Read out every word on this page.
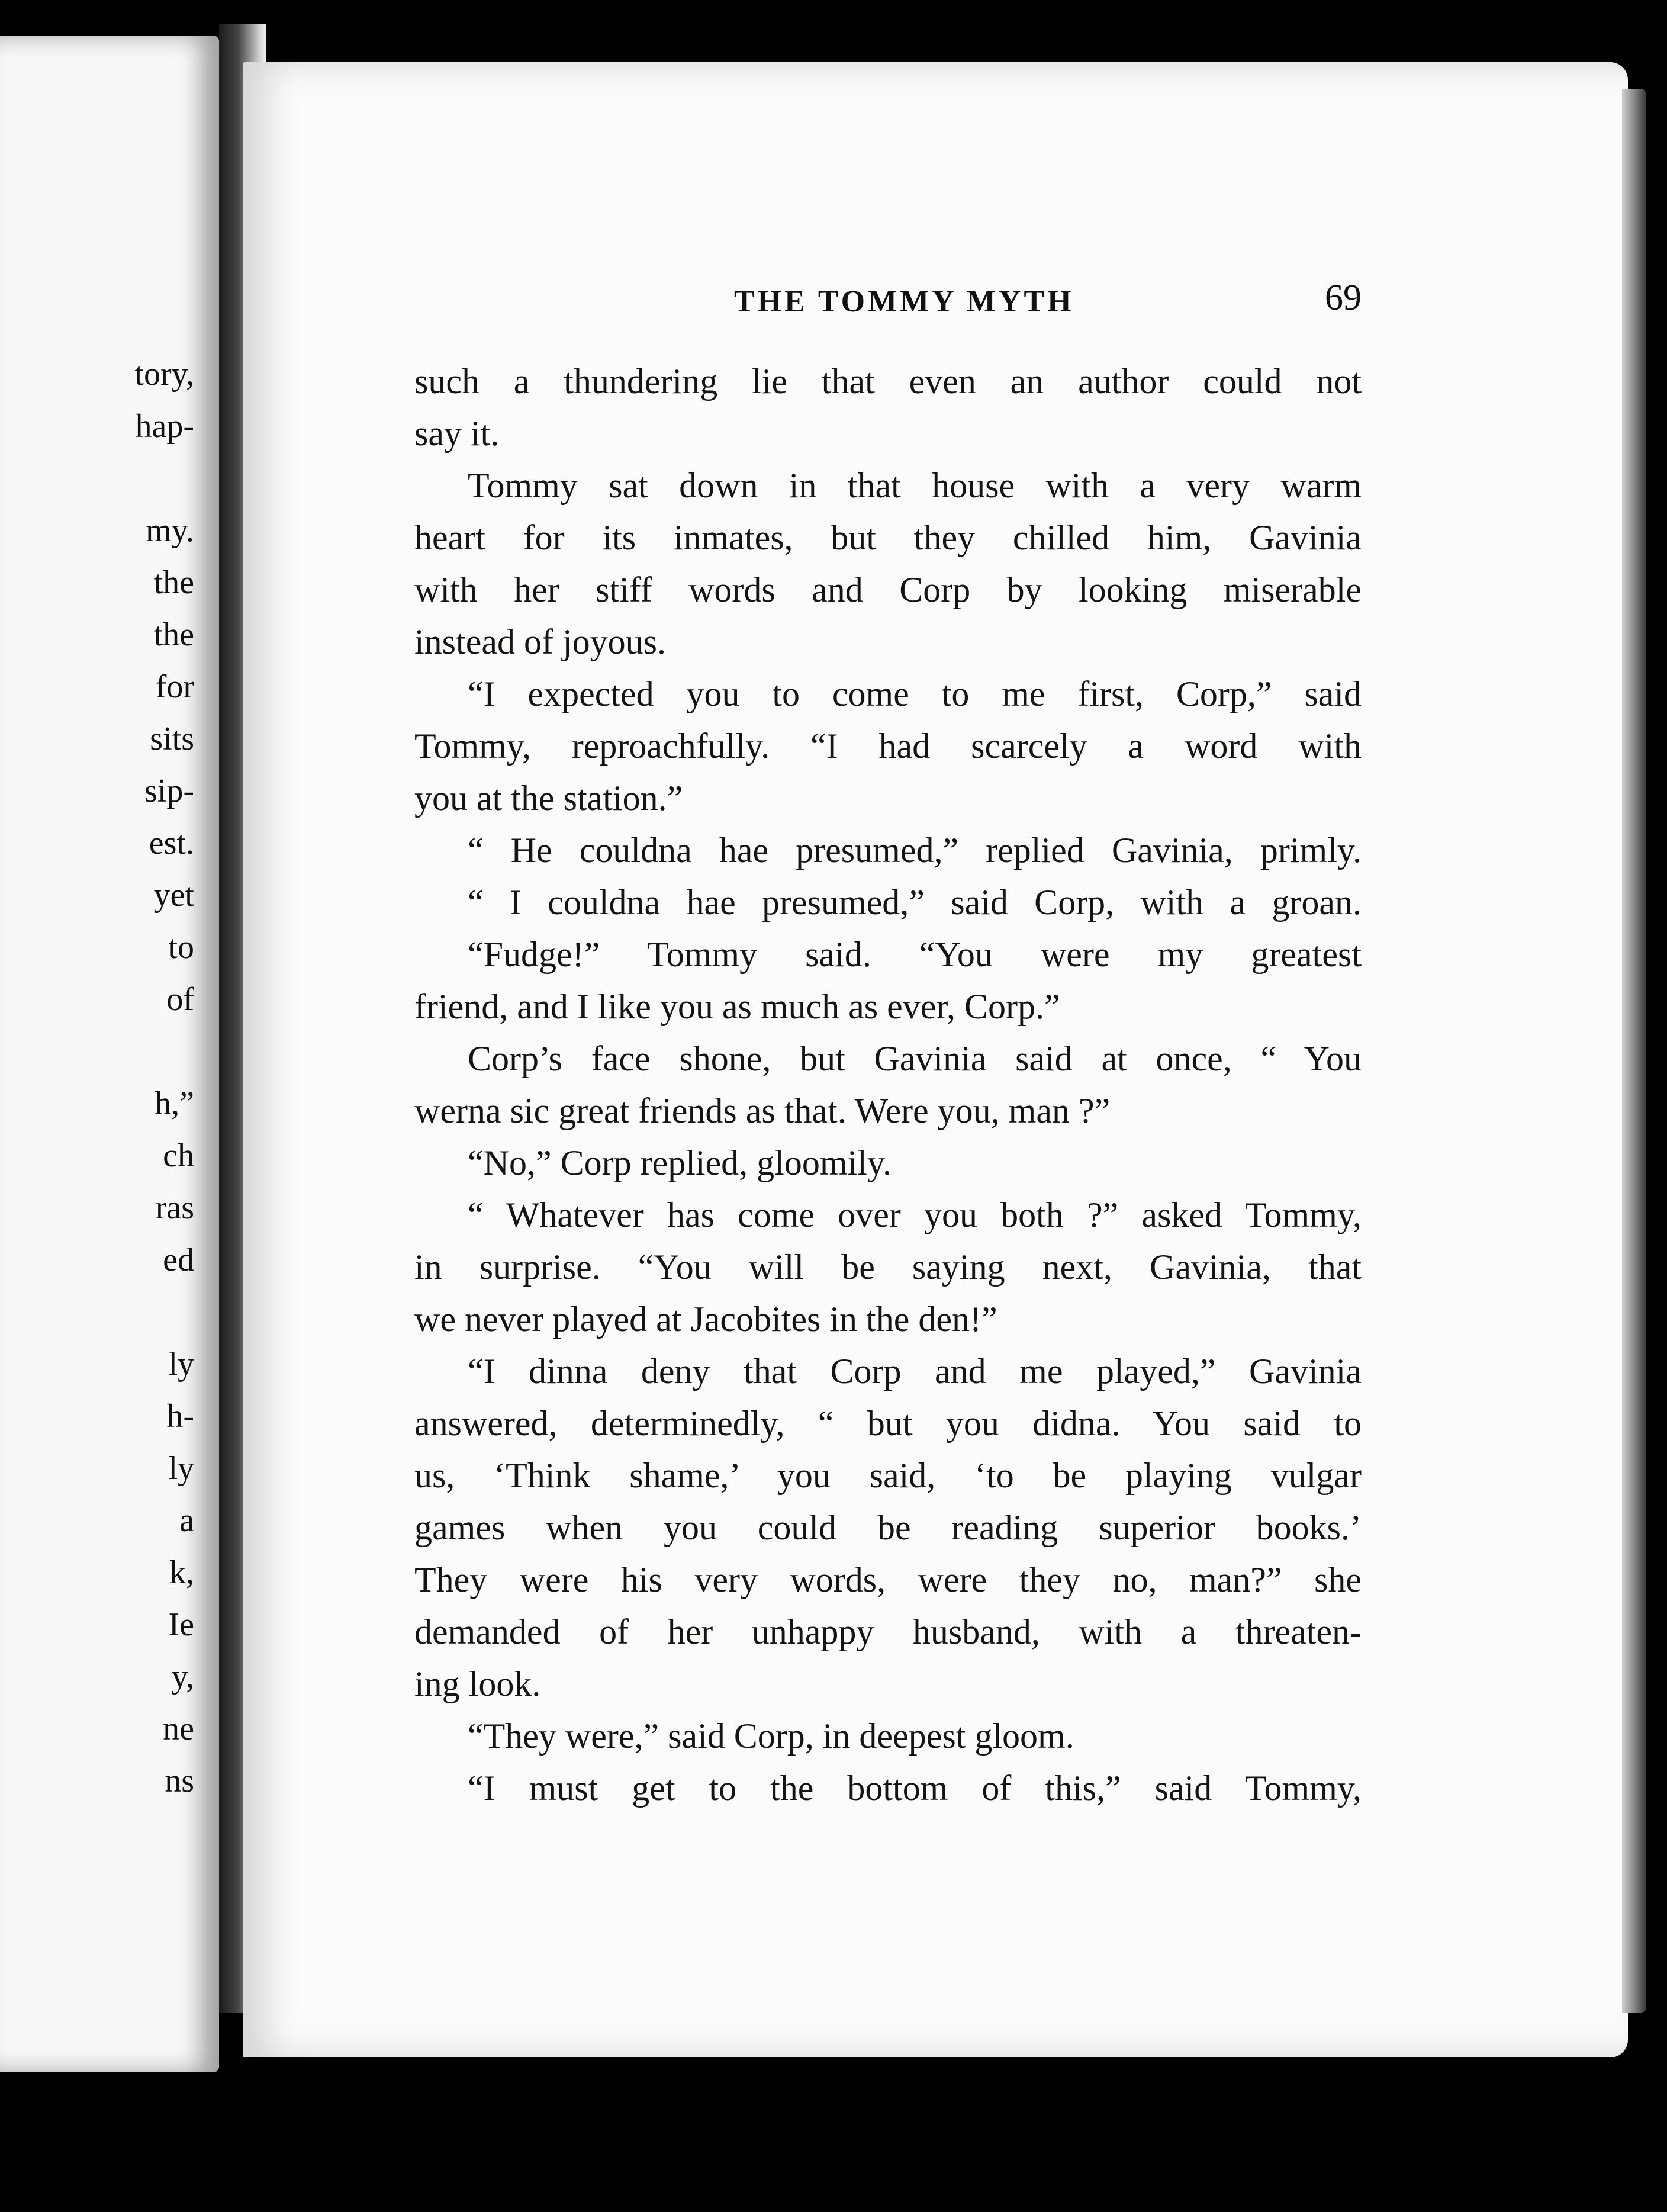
tory,
hap-
my.
the
the
for
sits
sip-
est.
yet
to
of
h,”
ch
ras
ed
ly
h-
ly
a
k,
Ie
y,
ne
ns
THE TOMMY MYTH	69
such a thundering lie that even an author could not
say it.
Tommy sat down in that house with a very warm
heart for its inmates, but they chilled him, Gavinia
with her stiff words and Corp by looking miserable
instead of joyous.
“I expected you to come to me first, Corp,” said
Tommy, reproachfully. “I had scarcely a word with
you at the station.”
“ He couldna hae presumed,” replied Gavinia, primly.
“ I couldna hae presumed,” said Corp, with a groan.
“Fudge!” Tommy said. “You were my greatest
friend, and I like you as much as ever, Corp.”
Corp’s face shone, but Gavinia said at once, “ You
werna sic great friends as that. Were you, man ?”
“No,” Corp replied, gloomily.
“ Whatever has come over you both ?” asked Tommy,
in surprise. “You will be saying next, Gavinia, that
we never played at Jacobites in the den!”
“I dinna deny that Corp and me played,” Gavinia
answered, determinedly, “ but you didna. You said to
us, ‘Think shame,’ you said, ‘to be playing vulgar
games when you could be reading superior books.’
They were his very words, were they no, man?” she
demanded of her unhappy husband, with a threaten-
ing look.
“They were,” said Corp, in deepest gloom.
“I must get to the bottom of this,” said Tommy,
